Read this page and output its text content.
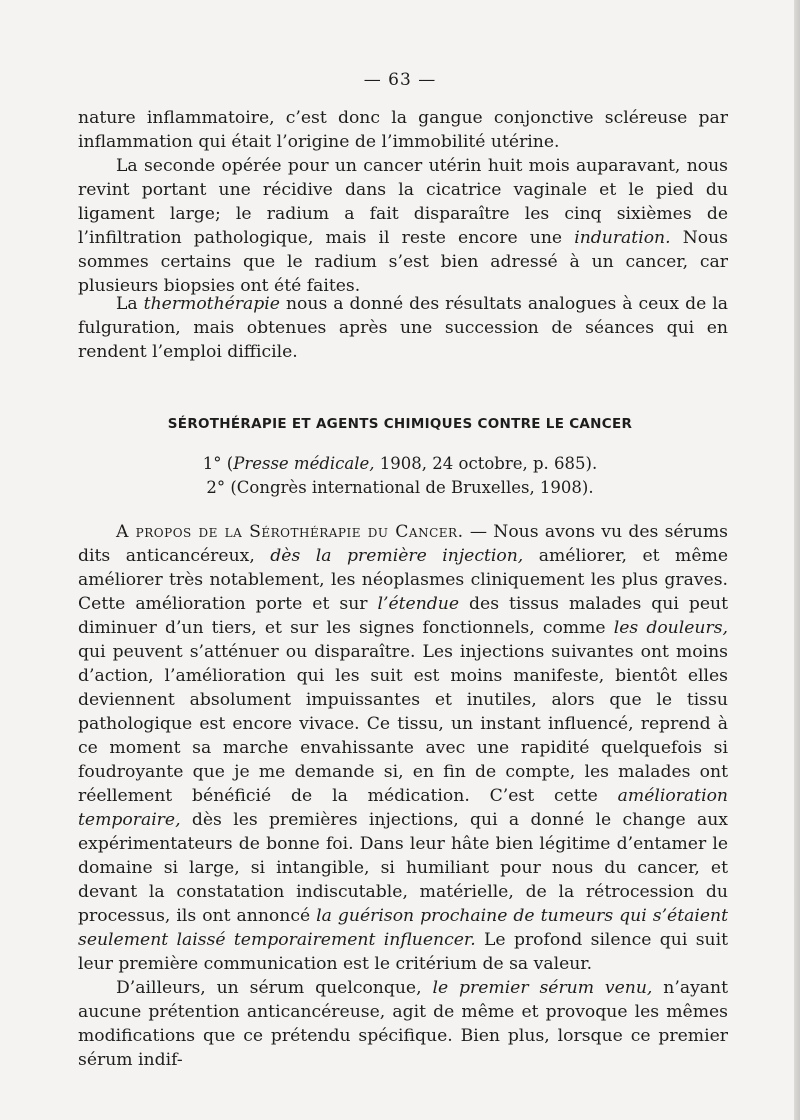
— 63 —

nature inflammatoire, c’est donc la gangue conjonctive scléreuse par inflammation qui était l’origine de l’immobilité utérine.

La seconde opérée pour un cancer utérin huit mois auparavant, nous revint portant une récidive dans la cicatrice vaginale et le pied du ligament large; le radium a fait disparaître les cinq sixièmes de l’infiltration pathologique, mais il reste encore une induration. Nous sommes certains que le radium s’est bien adressé à un cancer, car plusieurs biopsies ont été faites.

La thermothérapie nous a donné des résultats analogues à ceux de la fulguration, mais obtenues après une succession de séances qui en rendent l’emploi difficile.

SÉROTHÉRAPIE ET AGENTS CHIMIQUES CONTRE LE CANCER

1° (Presse médicale, 1908, 24 octobre, p. 685).

2° (Congrès international de Bruxelles, 1908).

A propos de la Sérothérapie du Cancer. — Nous avons vu des sérums dits anticancéreux, dès la première injection, améliorer, et même améliorer très notablement, les néoplasmes cliniquement les plus graves. Cette amélioration porte et sur l’étendue des tissus malades qui peut diminuer d’un tiers, et sur les signes fonctionnels, comme les douleurs, qui peuvent s’atténuer ou disparaître. Les injections suivantes ont moins d’action, l’amélioration qui les suit est moins manifeste, bientôt elles deviennent absolument impuissantes et inutiles, alors que le tissu pathologique est encore vivace. Ce tissu, un instant influencé, reprend à ce moment sa marche envahissante avec une rapidité quelquefois si foudroyante que je me demande si, en fin de compte, les malades ont réellement bénéficié de la médication. C’est cette amélioration temporaire, dès les premières injections, qui a donné le change aux expérimentateurs de bonne foi. Dans leur hâte bien légitime d’entamer le domaine si large, si intangible, si humiliant pour nous du cancer, et devant la constatation indiscutable, matérielle, de la rétrocession du processus, ils ont annoncé la guérison prochaine de tumeurs qui s’étaient seulement laissé temporairement influencer. Le profond silence qui suit leur première communication est le critérium de sa valeur.

D’ailleurs, un sérum quelconque, le premier sérum venu, n’ayant aucune prétention anticancéreuse, agit de même et provoque les mêmes modifications que ce prétendu spécifique. Bien plus, lorsque ce premier sérum indif-
